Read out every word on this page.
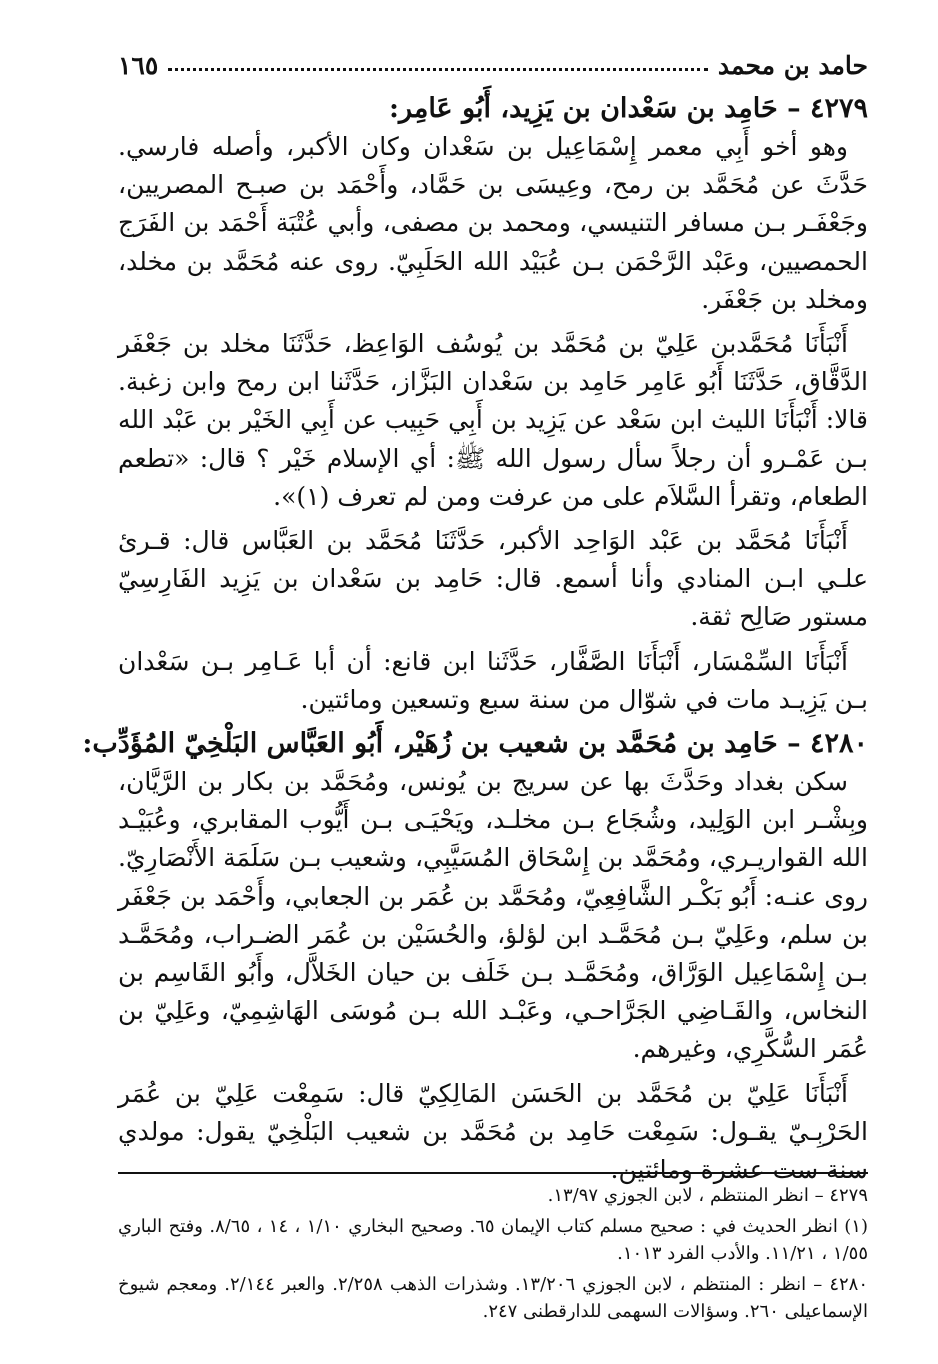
حامد بن محمد
١٦٥

٤٢٧٩ – حَامِد بن سَعْدان بن يَزِيد، أَبُو عَامِر:

وهو أخو أَبِي معمر إِسْمَاعِيل بن سَعْدان وكان الأكبر، وأصله فارسي. حَدَّثَ عن مُحَمَّد بن رمح، وعِيسَى بن حَمَّاد، وأَحْمَد بن صبـح المصريين، وجَعْفَـر بـن مسافر التنيسي، ومحمد بن مصفى، وأبي عُتْبَة أَحْمَد بن الفَرَج الحمصيين، وعَبْد الرَّحْمَن بـن عُبَيْد الله الحَلَبِيّ. روى عنه مُحَمَّد بن مخلد، ومخلد بن جَعْفَر.

أَنْبَأَنَا مُحَمَّدبن عَلِيّ بن مُحَمَّد بن يُوسُف الوَاعِظ، حَدَّثَنَا مخلد بن جَعْفَر الدَّقَّاق، حَدَّثَنَا أَبُو عَامِر حَامِد بن سَعْدان البَزَّاز، حَدَّثَنا ابن رمح وابن زغبة. قالا: أَنْبَأَنَا الليث ابن سَعْد عن يَزِيد بن أَبِي حَبِيب عن أَبِي الخَيْر بن عَبْد الله بـن عَمْـرو أن رجلاً سأل رسول الله ﷺ: أي الإسلام خَيْر ؟ قال: «تطعم الطعام، وتقرأ السَّلاَم على من عرفت ومن لم تعرف (١)».

أَنْبَأَنَا مُحَمَّد بن عَبْد الوَاحِد الأكبر، حَدَّثَنَا مُحَمَّد بن العَبَّاس قال: قـرئ علـي ابـن المنادي وأنا أسمع. قال: حَامِد بن سَعْدان بن يَزِيد الفَارِسِيّ مستور صَالِح ثقة.

أَنْبَأَنَا السِّمْسَار، أَنْبَأَنَا الصَّفَّار، حَدَّثَنا ابن قانع: أن أبا عَـامِر بـن سَعْدان بـن يَزِيـد مات في شوّال من سنة سبع وتسعين ومائتين.

٤٢٨٠ – حَامِد بن مُحَمَّد بن شعيب بن زُهَيْر، أَبُو العَبَّاس البَلْخِيّ المُؤَدِّب:

سكن بغداد وحَدَّثَ بها عن سريج بن يُونس، ومُحَمَّد بن بكار بن الرَّيَّان، وبِشْـر ابن الوَلِيد، وشُجَاع بـن مخلـد، ويَحْيَـى بـن أَيُّوب المقابري، وعُبَيْـد الله القواريـري، ومُحَمَّد بن إِسْحَاق المُسَيَّبِي، وشعيب بـن سَلَمَة الأَنْصَارِيّ. روى عنـه: أَبُو بَكْـر الشَّافِعِيّ، ومُحَمَّد بن عُمَر بن الجعابي، وأَحْمَد بن جَعْفَر بن سلم، وعَلِيّ بـن مُحَمَّـد ابن لؤلؤ، والحُسَيْن بن عُمَر الضـراب، ومُحَمَّـد بـن إِسْمَاعِيل الوَرَّاق، ومُحَمَّـد بـن خَلَف بن حيان الخَلاَّل، وأَبُو القَاسِم بن النخاس، والقَـاضِي الجَرَّاحـي، وعَبْـد الله بـن مُوسَى الهَاشِمِيّ، وعَلِيّ بن عُمَر السُّكَّرِي، وغيرهم.

أَنْبَأَنَا عَلِيّ بن مُحَمَّد بن الحَسَن المَالِكِيّ قال: سَمِعْت عَلِيّ بن عُمَر الحَرْبِـيّ يقـول: سَمِعْت حَامِد بن مُحَمَّد بن شعيب البَلْخِيّ يقول: مولدي سنة ست عشرة ومائتين.

٤٢٧٩ – انظر المنتظم ، لابن الجوزي ١٣/٩٧.

(١) انظر الحديث في : صحيح مسلم كتاب الإيمان ٦٥. وصحيح البخاري ١/١٠ ، ١٤ ، ٨/٦٥. وفتح الباري ١/٥٥ ، ١١/٢١. والأدب الفرد ١٠١٣.

٤٢٨٠ – انظر : المنتظم ، لابن الجوزي ١٣/٢٠٦. وشذرات الذهب ٢/٢٥٨. والعبر ٢/١٤٤. ومعجم شيوخ الإسماعيلى ٢٦٠. وسؤالات السهمى للدارقطنى ٢٤٧.
